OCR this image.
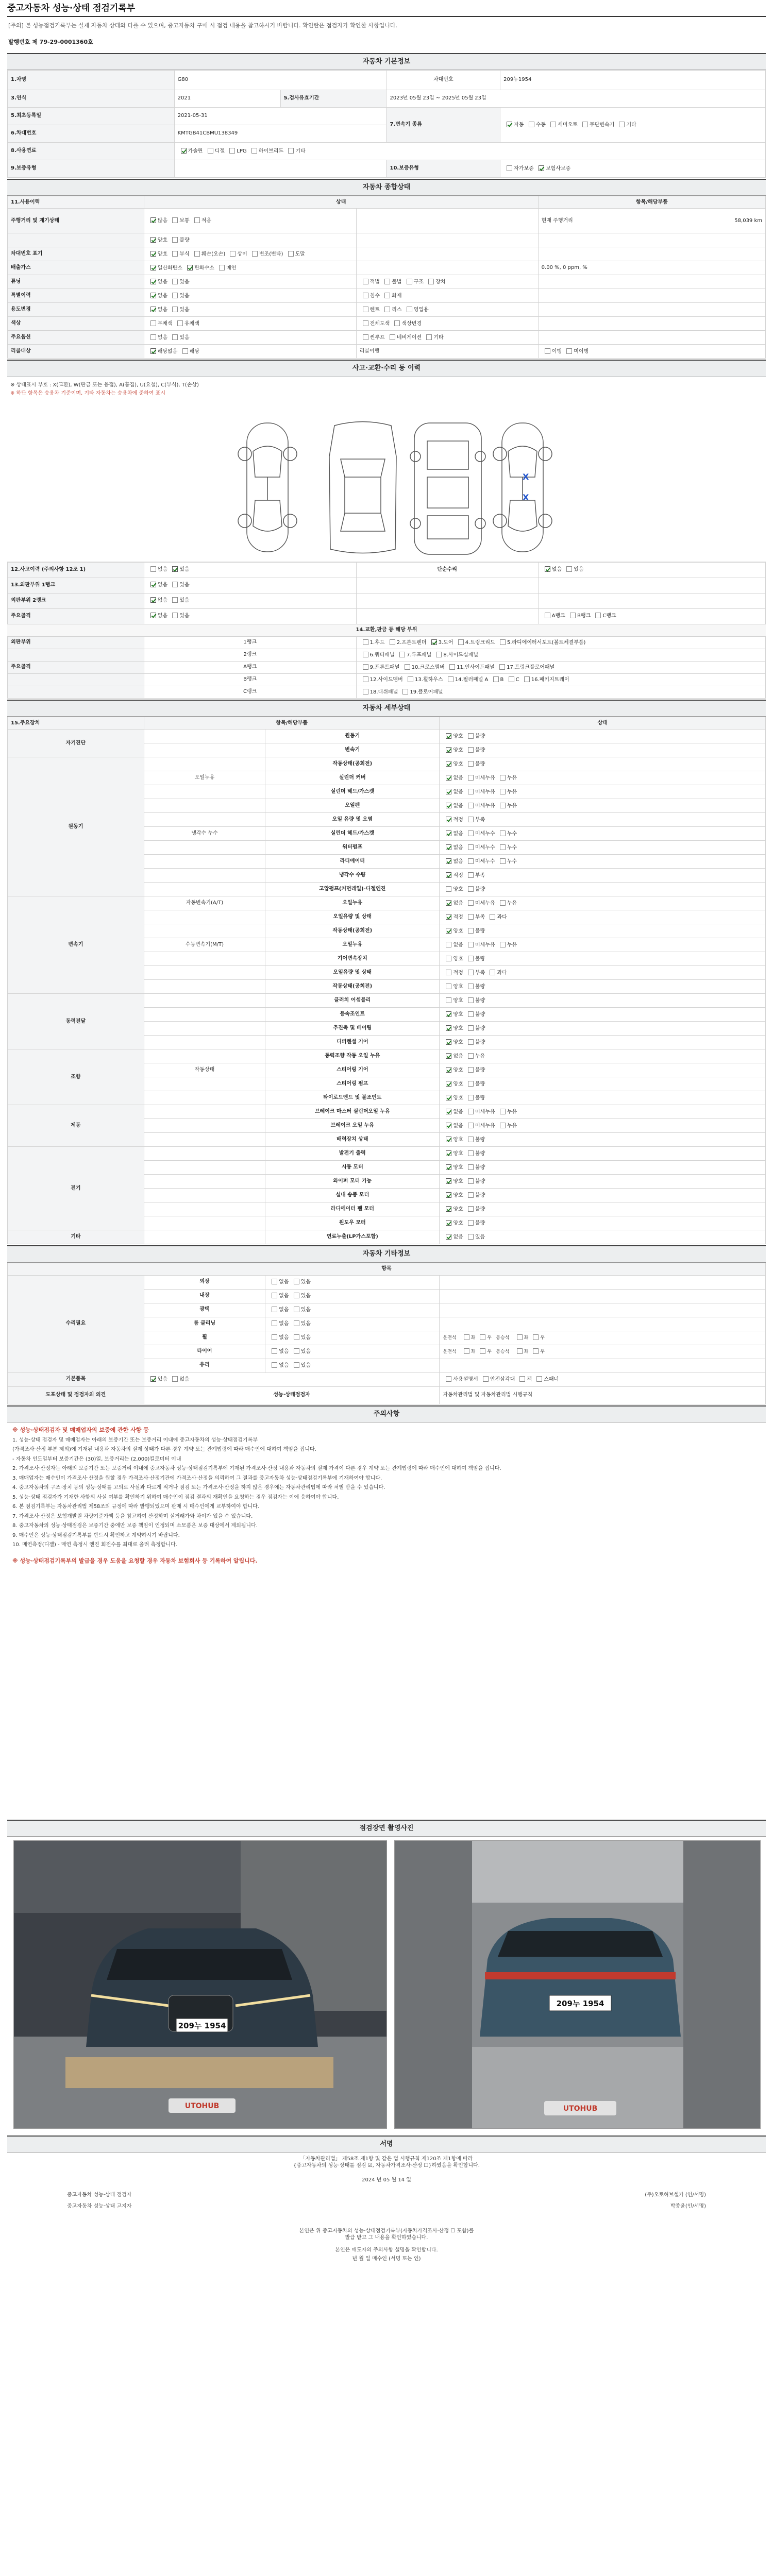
중고자동차 성능·상태 점검기록부
[주의] 본 성능점검기록부는 실제 자동차 상태와 다를 수 있으며, 중고자동차 구매 시 점검 내용을 참고하시기 바랍니다. 확인란은 점검자가 확인한 사항입니다.
발행번호 제 79-29-0001360호
자동차 기본정보
1.차명	G80		차대번호	209누1954
3.연식	2021	5.검사유효기간	2023년 05월 23일 ~ 2025년 05월 23일	
5.최초등록일	2021-05-31		7.변속기 종류	자동 수동 세미오토 무단변속기 기타
6.차대번호	KMTGB41CBMU138349			
8.사용연료	가솔린 디젤 LPG 하이브리드 기타			
9.보증유형			10.보증유형	자가보증 보험사보증
자동차 종합상태
11.사용이력	상태		항목/해당부품
주행거리 및 계기상태	많음 보통 적음		현재 주행거리 58,039 km

	양호 불량		
차대번호 표기	양호 부식 훼손(오손) 상이 변조(변타) 도말		
배출가스	일산화탄소 탄화수소 매연		0.00 %, 0 ppm, %
튜닝	없음 있음	적법 불법 구조 장치	
특별이력	없음 있음	침수 화재	
용도변경	없음 있음	렌트 리스 영업용	
색상	무채색 유채색	전체도색 색상변경	
주요옵션	없음 있음	썬루프 네비게이션 기타	
리콜대상	해당없음 해당	리콜이행	이행 미이행
사고·교환·수리 등 이력
※ 상태표시 부호 : X(교환), W(판금 또는 용접), A(흠집), U(요철), C(부식), T(손상)
※ 하단 항목은 승용차 기준이며, 기타 자동차는 승용차에 준하여 표시
X
X
12.사고이력 (주의사항 12조 1)	없음 있음	단순수리	없음 있음
13.외판부위 1랭크	없음 있음		
외판부위 2랭크	없음 있음		
주요골격	없음 있음		A랭크 B랭크 C랭크
14.교환,판금 등 해당 부위
외판부위	1랭크	1.후드 2.프론트펜더 3.도어 4.트렁크리드 5.라디에이터서포트(볼트체결부품)
	2랭크	6.쿼터패널 7.루프패널 8.사이드실패널
주요골격	A랭크	9.프론트패널 10.크로스멤버 11.인사이드패널 17.트렁크플로어패널
	B랭크	12.사이드멤버 13.휠하우스 14.필러패널 A B C 16.패키지트레이
	C랭크	18.대쉬패널 19.플로어패널
자동차 세부상태
15.주요장치	항목/해당부품		상태
자기진단		원동기	양호 불량
		변속기	양호 불량
원동기		작동상태(공회전)	양호 불량
	오일누유	실린더 커버	없음 미세누유 누유
		실린더 헤드/가스켓	없음 미세누유 누유
		오일펜	없음 미세누유 누유
		오일 유량 및 오염	적정 부족
	냉각수 누수	실린더 헤드/가스켓	없음 미세누수 누수
		워터펌프	없음 미세누수 누수
		라디에이터	없음 미세누수 누수
		냉각수 수량	적정 부족
		고압펌프(커먼레일)-디젤엔진	양호 불량
변속기	자동변속기(A/T)	오일누유	없음 미세누유 누유
		오일유량 및 상태	적정 부족 과다
		작동상태(공회전)	양호 불량
	수동변속기(M/T)	오일누유	없음 미세누유 누유
		기어변속장치	양호 불량
		오일유량 및 상태	적정 부족 과다
		작동상태(공회전)	양호 불량
동력전달		클러치 어셈블리	양호 불량
		등속조인트	양호 불량
		추진축 및 베어링	양호 불량
		디퍼렌셜 기어	양호 불량
조향		동력조향 작동 오일 누유	없음 누유
	작동상태	스티어링 기어	양호 불량
		스티어링 펌프	양호 불량
		타이로드엔드 및 볼조인트	양호 불량
제동		브레이크 마스터 실린더오일 누유	없음 미세누유 누유
		브레이크 오일 누유	없음 미세누유 누유
		배력장치 상태	양호 불량
전기		발전기 출력	양호 불량
		시동 모터	양호 불량
		와이퍼 모터 기능	양호 불량
		실내 송풍 모터	양호 불량
		라디에이터 팬 모터	양호 불량
		윈도우 모터	양호 불량
기타		연료누출(LP가스포함)	없음 있음
자동차 기타정보
항목			
수리필요	외장	없음 있음	
	내장	없음 있음	
	광택	없음 있음	
	룸 클리닝	없음 있음	
	휠	없음 있음	운전석 좌 우 동승석 좌 우
	타이어	없음 있음	운전석 좌 우 동승석 좌 우
	유리	없음 있음	
기본품목	있음 없음		사용설명서 안전삼각대 잭 스패너
도포상태 및 점검자의 의견	성능·상태점검자		자동차관리법 및 자동차관리법 시행규칙
주의사항
※ 성능·상태점검자 및 매매업자의 보증에 관한 사항 등
1. 성능·상태 점검자 및 매매업자는 아래의 보증기간 또는 보증거리 이내에 중고자동차의 성능·상태점검기록부
(가격조사·산정 부분 제외)에 기재된 내용과 자동차의 실제 상태가 다른 경우 계약 또는 관계법령에 따라 매수인에 대하여 책임을 집니다.
- 자동차 인도일부터 보증기간은 (30)일, 보증거리는 (2,000)킬로미터 이내
2. 가격조사·산정자는 아래의 보증기간 또는 보증거리 이내에 중고자동차 성능·상태점검기록부에 기재된 가격조사·산정 내용과 자동차의 실제 가격이 다른 경우 계약 또는 관계법령에 따라 매수인에 대하여 책임을 집니다.
3. 매매업자는 매수인이 가격조사·산정을 원할 경우 가격조사·산정기관에 가격조사·산정을 의뢰하여 그 결과를 중고자동차 성능·상태점검기록부에 기재하여야 합니다.
4. 중고자동차의 구조·장치 등의 성능·상태를 고의로 사실과 다르게 적거나 점검 또는 가격조사·산정을 하지 않은 경우에는 자동차관리법에 따라 처벌 받을 수 있습니다.
5. 성능·상태 점검자가 기재한 사항의 사실 여부를 확인하기 위하여 매수인이 점검 결과의 재확인을 요청하는 경우 점검자는 이에 응하여야 합니다.
6. 본 점검기록부는 자동차관리법 제58조의 규정에 따라 발행되었으며 판매 시 매수인에게 교부하여야 합니다.
7. 가격조사·산정은 보험개발원 차량기준가액 등을 참고하여 산정하며 실거래가와 차이가 있을 수 있습니다.
8. 중고자동차의 성능·상태점검은 보증기간 중에만 보증 책임이 인정되며 소모품은 보증 대상에서 제외됩니다.
9. 매수인은 성능·상태점검기록부를 반드시 확인하고 계약하시기 바랍니다.
10. 매연측정(디젤) - 매연 측정시 엔진 회전수를 최대로 올려 측정합니다.
※ 성능·상태점검기록부의 발급을 경우 도움을 요청할 경우 자동차 보험회사 등 기록하여 알립니다.
점검장면 촬영사진
209누 1954
UTOHUB
209누 1954
UTOHUB
서명
「자동차관리법」 제58조 제1항 및 같은 법 시행규칙 제120조 제1항에 따라
{중고자동차의 성능·상태를 점검 ☑, 자동차가격조사·산정 ☐}하였음을 확인합니다.
2024 년 05 월 14 일
중고자동차 성능·상태 점검자	(주)오토허브셀카 (인/서명)
중고자동차 성능·상태 고지자	박종윤(인/서명)
본인은 위 중고자동차의 성능·상태점검기록부(자동차가격조사·산정 ☐ 포함)를
발급 받고 그 내용을 확인하였습니다.
본인은 매도자의 주의사항 설명을 확인합니다.
년 월 일 매수인 (서명 또는 인)
